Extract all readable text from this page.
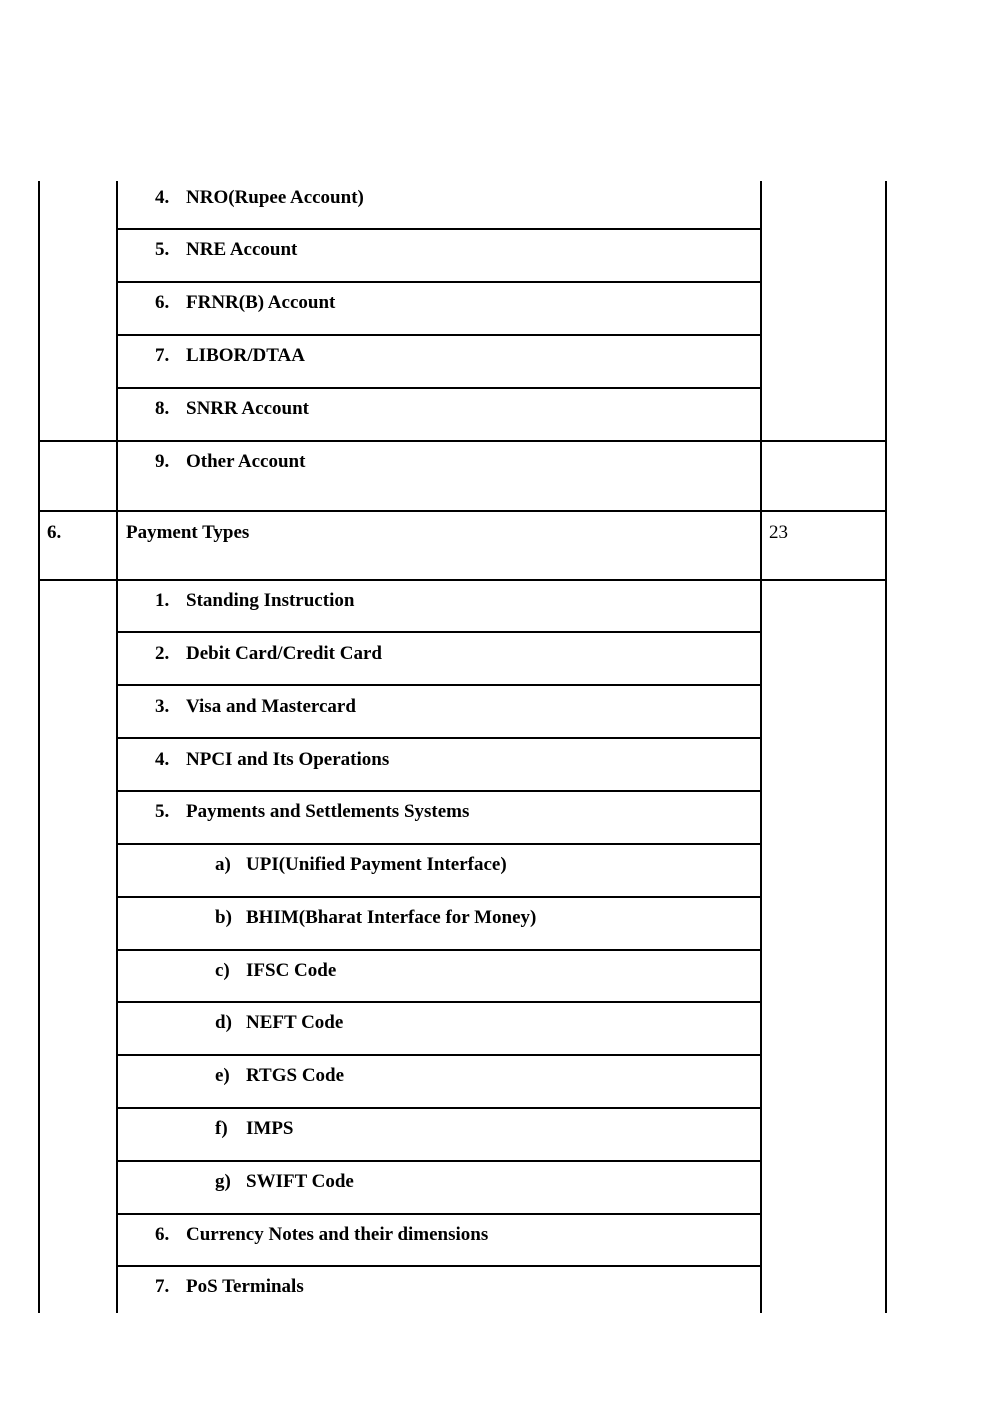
4. NRO(Rupee Account)
5. NRE Account
6. FRNR(B) Account
7. LIBOR/DTAA
8. SNRR Account
9. Other Account
6.	Payment Types	23
1. Standing Instruction
2. Debit Card/Credit Card
3. Visa and Mastercard
4. NPCI and Its Operations
5. Payments and Settlements Systems
a) UPI(Unified Payment Interface)
b) BHIM(Bharat Interface for Money)
c) IFSC Code
d) NEFT Code
e) RTGS Code
f) IMPS
g) SWIFT Code
6. Currency Notes and their dimensions
7. PoS Terminals
